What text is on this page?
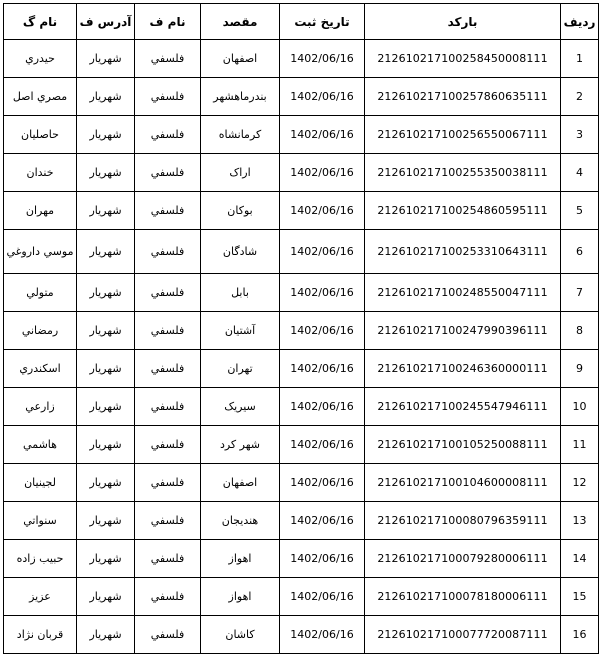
ردیف	بارکد	تاریخ ثبت	مقصد	نام ف	آدرس ف	نام گ
1	212610217100258450008111	1402/06/16	اصفهان	فلسفي	شهريار	حيدري
2	212610217100257860635111	1402/06/16	بندرماهشهر	فلسفي	شهريار	مصري اصل
3	212610217100256550067111	1402/06/16	كرمانشاه	فلسفي	شهريار	حاصليان
4	212610217100255350038111	1402/06/16	اراک	فلسفي	شهريار	خندان
5	212610217100254860595111	1402/06/16	بوكان	فلسفي	شهريار	مهران
6	212610217100253310643111	1402/06/16	شادگان	فلسفي	شهريار	موسي داروغي
7	212610217100248550047111	1402/06/16	بابل	فلسفي	شهريار	متولي
8	212610217100247990396111	1402/06/16	آشتيان	فلسفي	شهريار	رمضاني
9	212610217100246360000111	1402/06/16	تهران	فلسفي	شهريار	اسكندري
10	212610217100245547946111	1402/06/16	سيريک	فلسفي	شهريار	زارعي
11	212610217100105250088111	1402/06/16	شهر كرد	فلسفي	شهريار	هاشمي
12	212610217100104600008111	1402/06/16	اصفهان	فلسفي	شهريار	لجينيان
13	212610217100080796359111	1402/06/16	هنديجان	فلسفي	شهريار	سنواتي
14	212610217100079280006111	1402/06/16	اهواز	فلسفي	شهريار	حبيب زاده
15	212610217100078180006111	1402/06/16	اهواز	فلسفي	شهريار	عزيز
16	212610217100077720087111	1402/06/16	كاشان	فلسفي	شهريار	قربان نژاد
